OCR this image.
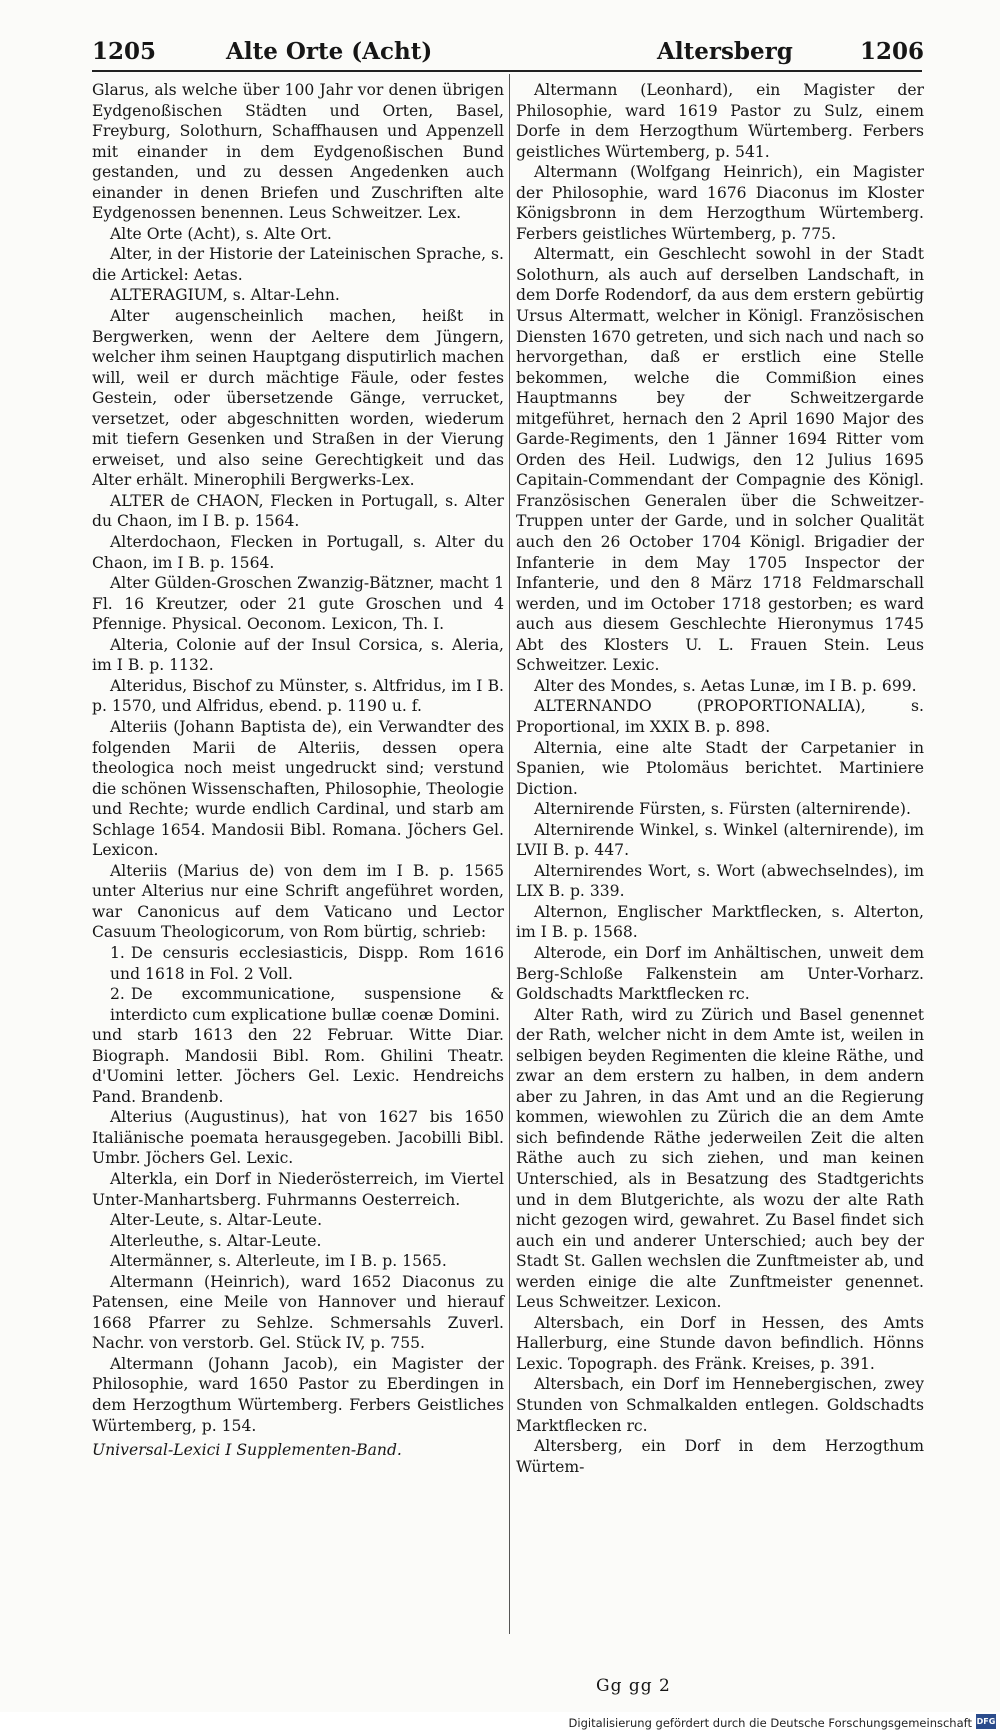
1205	Alte Orte (Acht)	Altersberg	1206

Glarus, als welche über 100 Jahr vor denen übrigen Eydgenoßischen Städten und Orten, Basel, Freyburg, Solothurn, Schaffhausen und Appenzell mit einander in dem Eydgenoßischen Bund gestanden, und zu dessen Angedenken auch einander in denen Briefen und Zuschriften alte Eydgenossen benennen. Leus Schweitzer. Lex.

Alte Orte (Acht), s. Alte Ort.

Alter, in der Historie der Lateinischen Sprache, s. die Artickel: Aetas.

ALTERAGIUM, s. Altar-Lehn.

Alter augenscheinlich machen, heißt in Bergwerken, wenn der Aeltere dem Jüngern, welcher ihm seinen Hauptgang disputirlich machen will, weil er durch mächtige Fäule, oder festes Gestein, oder übersetzende Gänge, verrucket, versetzet, oder abgeschnitten worden, wiederum mit tiefern Gesenken und Straßen in der Vierung erweiset, und also seine Gerechtigkeit und das Alter erhält. Minerophili Bergwerks-Lex.

ALTER de CHAON, Flecken in Portugall, s. Alter du Chaon, im I B. p. 1564.

Alterdochaon, Flecken in Portugall, s. Alter du Chaon, im I B. p. 1564.

Alter Gülden-Groschen Zwanzig-Bätzner, macht 1 Fl. 16 Kreutzer, oder 21 gute Groschen und 4 Pfennige. Physical. Oeconom. Lexicon, Th. I.

Alteria, Colonie auf der Insul Corsica, s. Aleria, im I B. p. 1132.

Alteridus, Bischof zu Münster, s. Altfridus, im I B. p. 1570, und Alfridus, ebend. p. 1190 u. f.

Alteriis (Johann Baptista de), ein Verwandter des folgenden Marii de Alteriis, dessen opera theologica noch meist ungedruckt sind; verstund die schönen Wissenschaften, Philosophie, Theologie und Rechte; wurde endlich Cardinal, und starb am Schlage 1654. Mandosii Bibl. Romana. Jöchers Gel. Lexicon.

Alteriis (Marius de) von dem im I B. p. 1565 unter Alterius nur eine Schrift angeführet worden, war Canonicus auf dem Vaticano und Lector Casuum Theologicorum, von Rom bürtig, schrieb:

1. De censuris ecclesiasticis, Dispp. Rom 1616 und 1618 in Fol. 2 Voll.

2. De excommunicatione, suspensione & interdicto cum explicatione bullæ coenæ Domini.

und starb 1613 den 22 Februar. Witte Diar. Biograph. Mandosii Bibl. Rom. Ghilini Theatr. d'Uomini letter. Jöchers Gel. Lexic. Hendreichs Pand. Brandenb.

Alterius (Augustinus), hat von 1627 bis 1650 Italiänische poemata herausgegeben. Jacobilli Bibl. Umbr. Jöchers Gel. Lexic.

Alterkla, ein Dorf in Niederösterreich, im Viertel Unter-Manhartsberg. Fuhrmanns Oesterreich.

Alter-Leute, s. Altar-Leute.

Alterleuthe, s. Altar-Leute.

Altermänner, s. Alterleute, im I B. p. 1565.

Altermann (Heinrich), ward 1652 Diaconus zu Patensen, eine Meile von Hannover und hierauf 1668 Pfarrer zu Sehlze. Schmersahls Zuverl. Nachr. von verstorb. Gel. Stück IV, p. 755.

Altermann (Johann Jacob), ein Magister der Philosophie, ward 1650 Pastor zu Eberdingen in dem Herzogthum Würtemberg. Ferbers Geistliches Würtemberg, p. 154.

Universal-Lexici I Supplementen-Band.

Altermann (Leonhard), ein Magister der Philosophie, ward 1619 Pastor zu Sulz, einem Dorfe in dem Herzogthum Würtemberg. Ferbers geistliches Würtemberg, p. 541.

Altermann (Wolfgang Heinrich), ein Magister der Philosophie, ward 1676 Diaconus im Kloster Königsbronn in dem Herzogthum Würtemberg. Ferbers geistliches Würtemberg, p. 775.

Altermatt, ein Geschlecht sowohl in der Stadt Solothurn, als auch auf derselben Landschaft, in dem Dorfe Rodendorf, da aus dem erstern gebürtig Ursus Altermatt, welcher in Königl. Französischen Diensten 1670 getreten, und sich nach und nach so hervorgethan, daß er erstlich eine Stelle bekommen, welche die Commißion eines Hauptmanns bey der Schweitzergarde mitgeführet, hernach den 2 April 1690 Major des Garde-Regiments, den 1 Jänner 1694 Ritter vom Orden des Heil. Ludwigs, den 12 Julius 1695 Capitain-Commendant der Compagnie des Königl. Französischen Generalen über die Schweitzer-Truppen unter der Garde, und in solcher Qualität auch den 26 October 1704 Königl. Brigadier der Infanterie in dem May 1705 Inspector der Infanterie, und den 8 März 1718 Feldmarschall werden, und im October 1718 gestorben; es ward auch aus diesem Geschlechte Hieronymus 1745 Abt des Klosters U. L. Frauen Stein. Leus Schweitzer. Lexic.

Alter des Mondes, s. Aetas Lunæ, im I B. p. 699.

ALTERNANDO (PROPORTIONALIA), s. Proportional, im XXIX B. p. 898.

Alternia, eine alte Stadt der Carpetanier in Spanien, wie Ptolomäus berichtet. Martiniere Diction.

Alternirende Fürsten, s. Fürsten (alternirende).

Alternirende Winkel, s. Winkel (alternirende), im LVII B. p. 447.

Alternirendes Wort, s. Wort (abwechselndes), im LIX B. p. 339.

Alternon, Englischer Marktflecken, s. Alterton, im I B. p. 1568.

Alterode, ein Dorf im Anhältischen, unweit dem Berg-Schloße Falkenstein am Unter-Vorharz. Goldschadts Marktflecken rc.

Alter Rath, wird zu Zürich und Basel genennet der Rath, welcher nicht in dem Amte ist, weilen in selbigen beyden Regimenten die kleine Räthe, und zwar an dem erstern zu halben, in dem andern aber zu Jahren, in das Amt und an die Regierung kommen, wiewohlen zu Zürich die an dem Amte sich befindende Räthe jederweilen Zeit die alten Räthe auch zu sich ziehen, und man keinen Unterschied, als in Besatzung des Stadtgerichts und in dem Blutgerichte, als wozu der alte Rath nicht gezogen wird, gewahret. Zu Basel findet sich auch ein und anderer Unterschied; auch bey der Stadt St. Gallen wechslen die Zunftmeister ab, und werden einige die alte Zunftmeister genennet. Leus Schweitzer. Lexicon.

Altersbach, ein Dorf in Hessen, des Amts Hallerburg, eine Stunde davon befindlich. Hönns Lexic. Topograph. des Fränk. Kreises, p. 391.

Altersbach, ein Dorf im Hennebergischen, zwey Stunden von Schmalkalden entlegen. Goldschadts Marktflecken rc.

Altersberg, ein Dorf in dem Herzogthum Würtem-

Gg gg 2
Digitalisierung gefördert durch die Deutsche Forschungsgemeinschaft DFG
